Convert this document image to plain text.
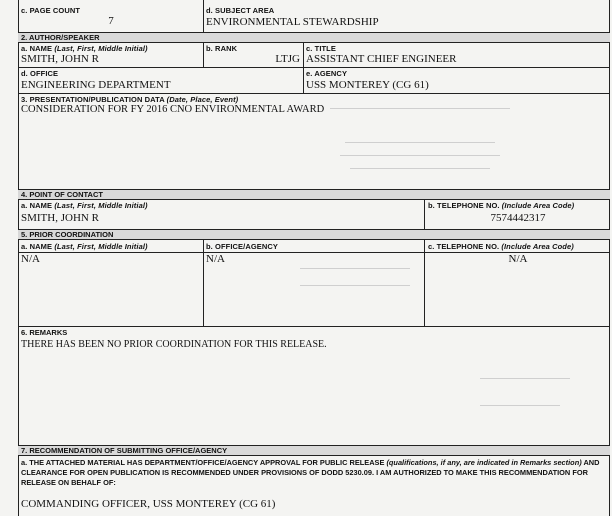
c. PAGE COUNT
7
d. SUBJECT AREA
ENVIRONMENTAL STEWARDSHIP
2. AUTHOR/SPEAKER
a. NAME (Last, First, Middle Initial)
SMITH, JOHN R
b. RANK
LTJG
c. TITLE
ASSISTANT CHIEF ENGINEER
d. OFFICE
ENGINEERING DEPARTMENT
e. AGENCY
USS MONTEREY (CG 61)
3. PRESENTATION/PUBLICATION DATA (Date, Place, Event)
CONSIDERATION FOR FY 2016 CNO ENVIRONMENTAL AWARD
4. POINT OF CONTACT
a. NAME (Last, First, Middle Initial)
SMITH, JOHN R
b. TELEPHONE NO. (Include Area Code)
7574442317
5. PRIOR COORDINATION
a. NAME (Last, First, Middle Initial)
N/A
b. OFFICE/AGENCY
N/A
c. TELEPHONE NO. (Include Area Code)
N/A
6. REMARKS
THERE HAS BEEN NO PRIOR COORDINATION FOR THIS RELEASE.
7. RECOMMENDATION OF SUBMITTING OFFICE/AGENCY
a. THE ATTACHED MATERIAL HAS DEPARTMENT/OFFICE/AGENCY APPROVAL FOR PUBLIC RELEASE (qualifications, if any, are indicated in Remarks section) AND CLEARANCE FOR OPEN PUBLICATION IS RECOMMENDED UNDER PROVISIONS OF DODD 5230.09. I AM AUTHORIZED TO MAKE THIS RECOMMENDATION FOR RELEASE ON BEHALF OF:
COMMANDING OFFICER, USS MONTEREY (CG 61)
